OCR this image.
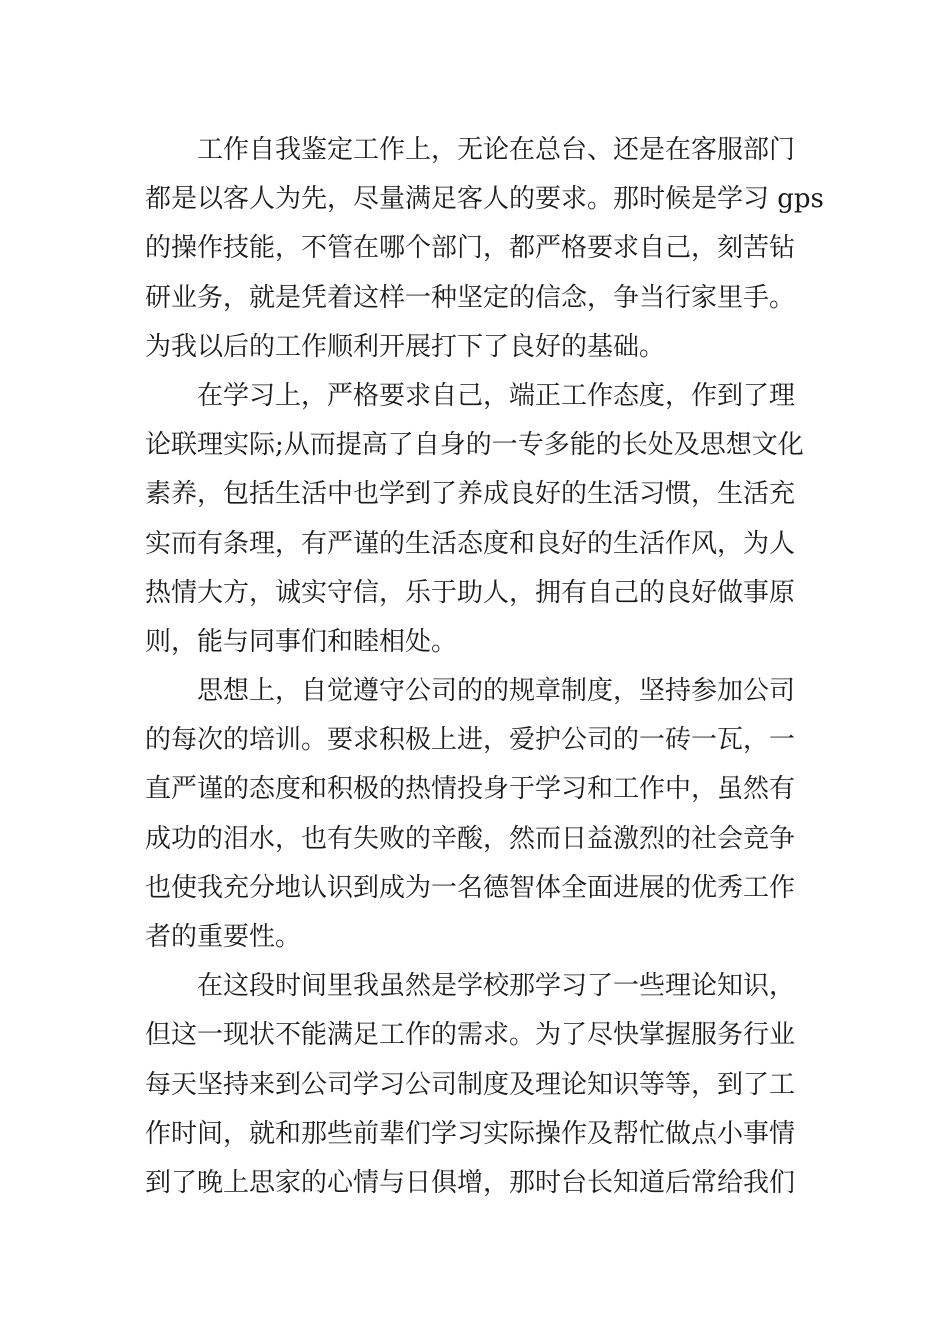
工作自我鉴定工作上，无论在总台、还是在客服部门
都是以客人为先，尽量满足客人的要求。那时候是学习 gps
的操作技能，不管在哪个部门，都严格要求自己，刻苦钻
研业务，就是凭着这样一种坚定的信念，争当行家里手。
为我以后的工作顺利开展打下了良好的基础。

在学习上，严格要求自己，端正工作态度，作到了理
论联理实际;从而提高了自身的一专多能的长处及思想文化
素养，包括生活中也学到了养成良好的生活习惯，生活充
实而有条理，有严谨的生活态度和良好的生活作风，为人
热情大方，诚实守信，乐于助人，拥有自己的良好做事原
则，能与同事们和睦相处。

思想上，自觉遵守公司的的规章制度，坚持参加公司
的每次的培训。要求积极上进，爱护公司的一砖一瓦，一
直严谨的态度和积极的热情投身于学习和工作中，虽然有
成功的泪水，也有失败的辛酸，然而日益激烈的社会竞争
也使我充分地认识到成为一名德智体全面进展的优秀工作
者的重要性。

在这段时间里我虽然是学校那学习了一些理论知识，
但这一现状不能满足工作的需求。为了尽快掌握服务行业
每天坚持来到公司学习公司制度及理论知识等等，到了工
作时间，就和那些前辈们学习实际操作及帮忙做点小事情
到了晚上思家的心情与日俱增，那时台长知道后常给我们
